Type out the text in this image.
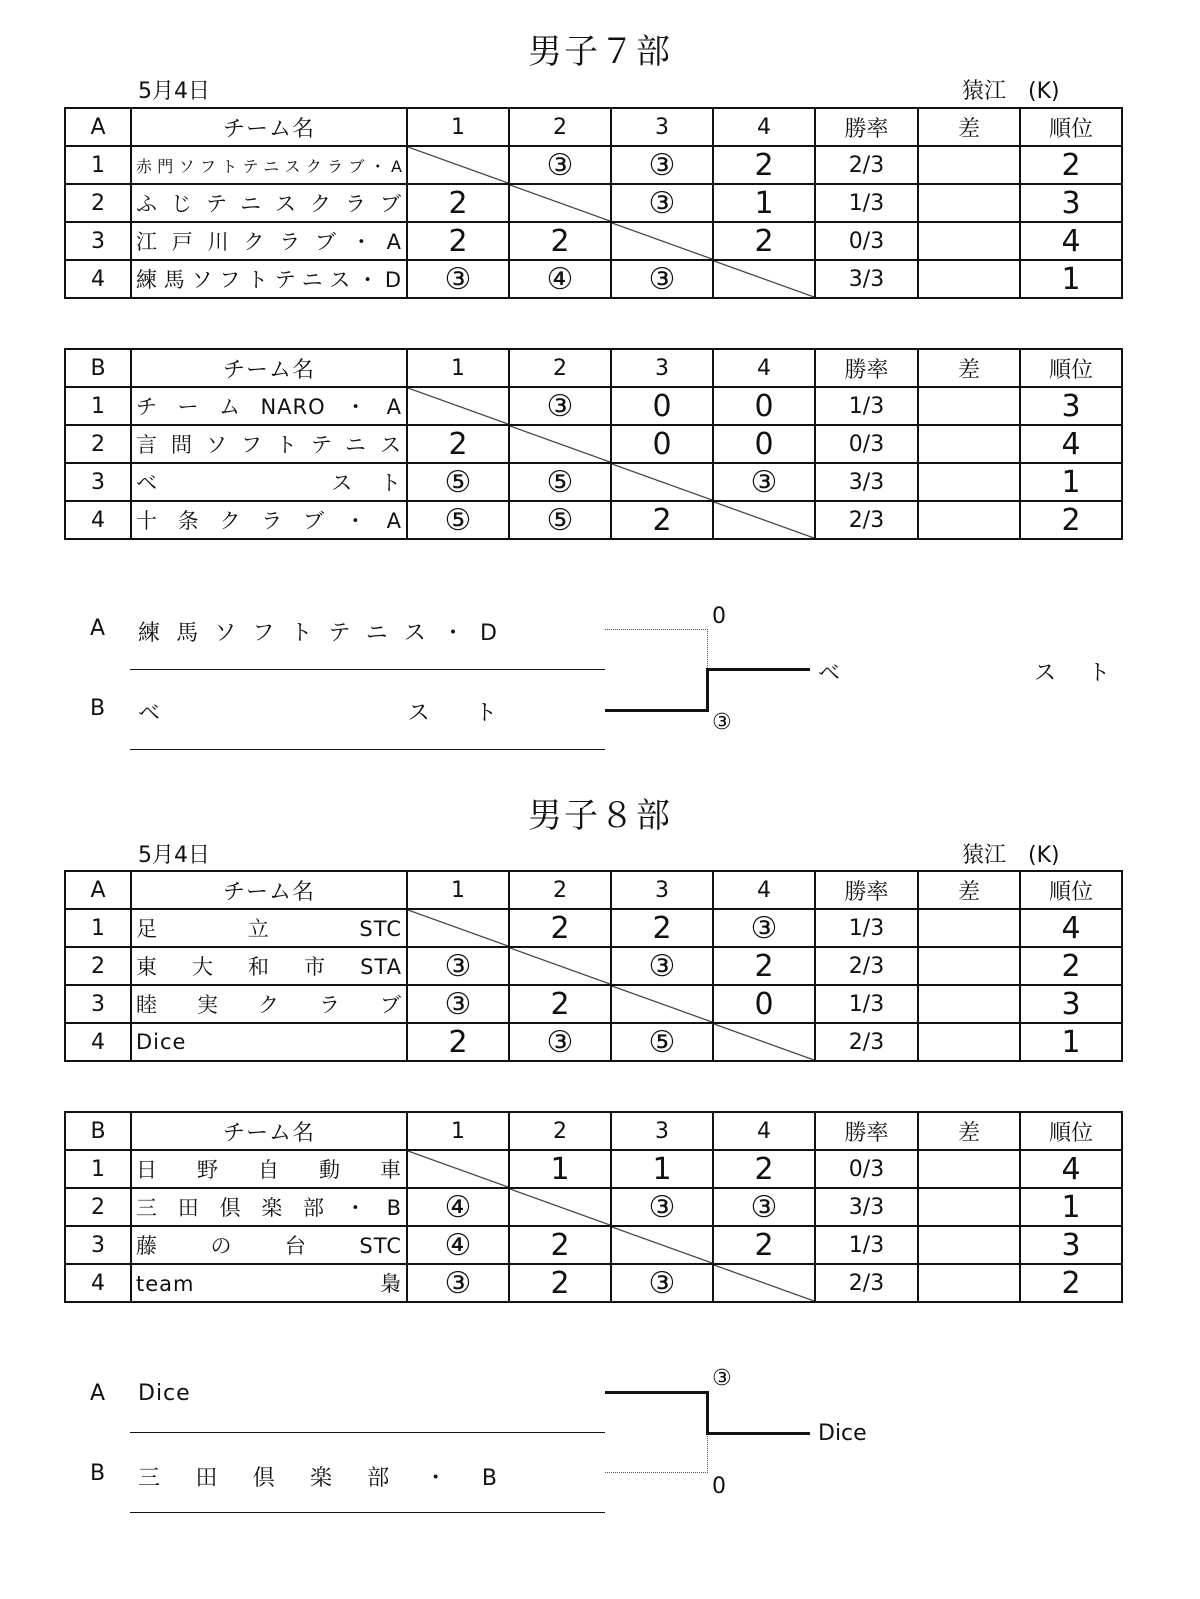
男子７部
5月4日	猿江　(K)
A	チーム名	1	2	3	4	勝率	差	順位
1	赤門ソフトテニスクラブ・A		③	③	2	2/3		2
2	ふじテニスクラブ	2		③	1	1/3		3
3	江戸川クラブ・A	2	2		2	0/3		4
4	練馬ソフトテニス・D	③	④	③		3/3		1
B	チーム名	1	2	3	4	勝率	差	順位
1	チームNARO・A		③	0	0	1/3		3
2	言問ソフトテニス	2		0	0	0/3		4
3	ベ　　　スト	⑤	⑤		③	3/3		1
4	十条クラブ・A	⑤	⑤	2		2/3		2
A 練馬ソフトテニス・D
B ベ　　　スト
0
③
ベ　　　スト
男子８部
5月4日	猿江　(K)
A	チーム名	1	2	3	4	勝率	差	順位
1	足立STC		2	2	③	1/3		4
2	東大和市STA	③		③	2	2/3		2
3	睦実クラブ	③	2		0	1/3		3
4	Dice	2	③	⑤		2/3		1
B	チーム名	1	2	3	4	勝率	差	順位
1	日野自動車		1	1	2	0/3		4
2	三田倶楽部・B	④		③	③	3/3		1
3	藤の台STC	④	2		2	1/3		3
4	team梟	③	2	③		2/3		2
A Dice
B 三田倶楽部・B
③
0
Dice
